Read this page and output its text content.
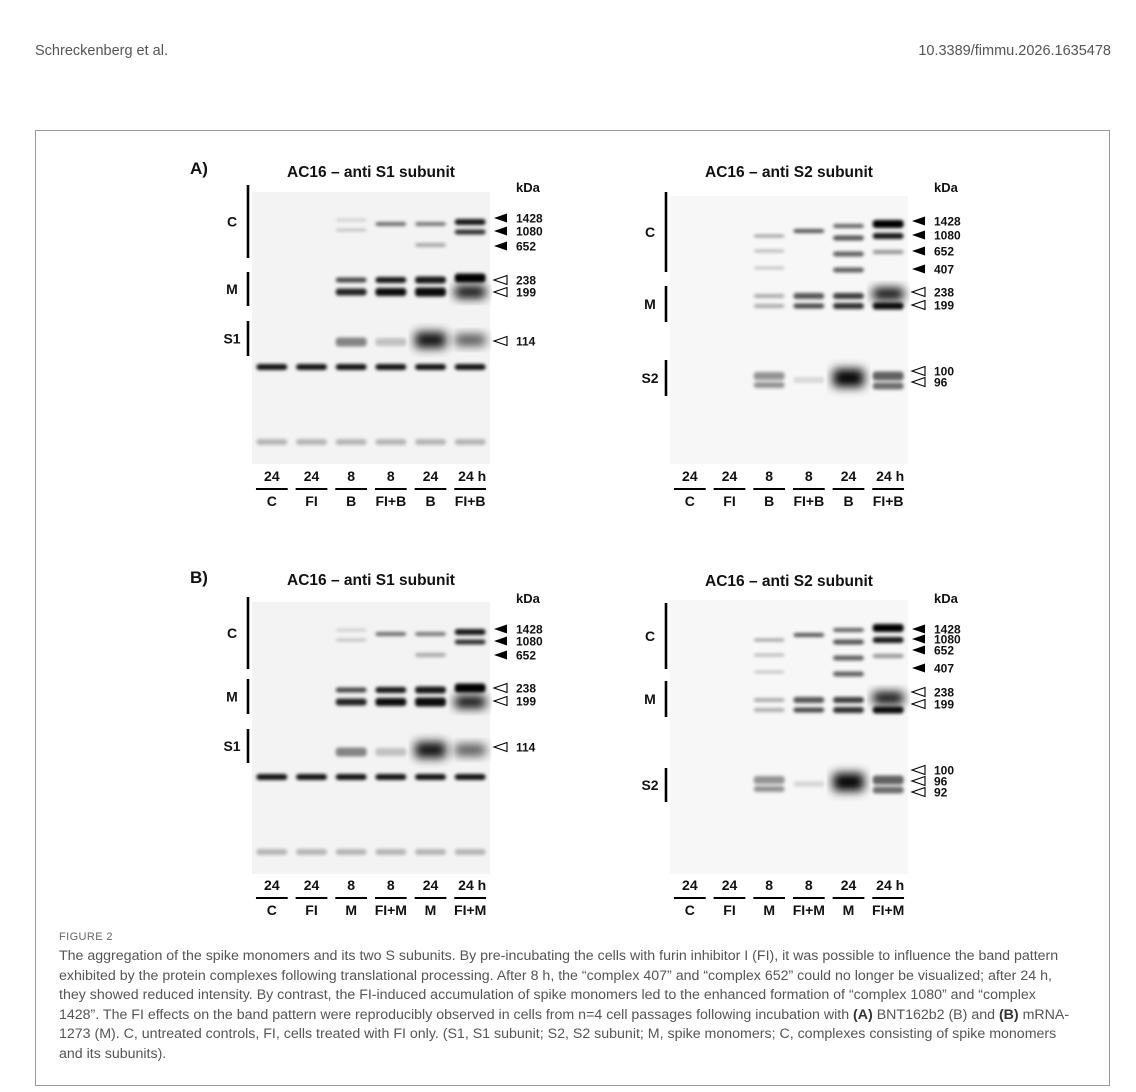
Schreckenberg et al.	10.3389/fimmu.2026.1635478
A)	AC16 – anti S1 subunit
kDa
C
M
S1
1428
1080
652
238
199
114
24 24 8 8 24 24 h
C FI B FI+B B FI+B
AC16 – anti S2 subunit
kDa
C
M
S2
1428
1080
652
407
238
199
100
96
24 24 8 8 24 24 h
C FI B FI+B B FI+B
B)	AC16 – anti S1 subunit
kDa
C
M
S1
1428
1080
652
238
199
114
24 24 8 8 24 24 h
C FI M FI+M M FI+M
AC16 – anti S2 subunit
kDa
C
M
S2
1428
1080
652
407
238
199
100
96
92
24 24 8 8 24 24 h
C FI M FI+M M FI+M
FIGURE 2

The aggregation of the spike monomers and its two S subunits. By pre-incubating the cells with furin inhibitor I (FI), it was possible to influence the band pattern exhibited by the protein complexes following translational processing. After 8 h, the “complex 407” and “complex 652” could no longer be visualized; after 24 h, they showed reduced intensity. By contrast, the FI-induced accumulation of spike monomers led to the enhanced formation of “complex 1080” and “complex 1428”. The FI effects on the band pattern were reproducibly observed in cells from n=4 cell passages following incubation with (A) BNT162b2 (B) and (B) mRNA-1273 (M). C, untreated controls, FI, cells treated with FI only. (S1, S1 subunit; S2, S2 subunit; M, spike monomers; C, complexes consisting of spike monomers and its subunits).
